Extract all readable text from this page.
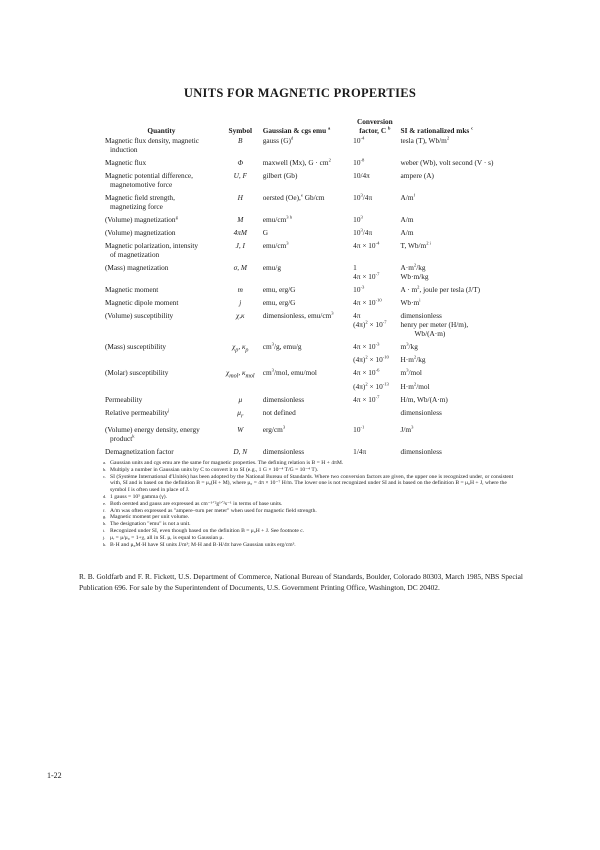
UNITS FOR MAGNETIC PROPERTIES
Quantity	Symbol	Gaussian & cgs emu $^a$	Conversion
factor, C $^b$	SI & rationalized mks $^c$
Magnetic flux density, magnetic
induction	B	gauss $(G)^d$	$10^{-4}$	tesla (T), $Wb/m^2$
Magnetic flux	Φ	maxwell (Mx), $G \cdot cm^2$	$10^{-8}$	weber (Wb), volt second (V · s)
Magnetic potential difference,
magnetomotive force	U, F	gilbert (Gb)	10/4π	ampere (A)
Magnetic field strength,
magnetizing force	H	oersted (Oe),$^e$ Gb/cm	$10^3/4\pi$	$A/m^f$
(Volume) magnetization$^g$	M	emu/$cm^{3 h}$	$10^3$	A/m
(Volume) magnetization	4πM	G	$10^3/4\pi$	A/m
Magnetic polarization, intensity
of magnetization	J, I	emu/$cm^3$	$4\pi \times 10^{-4}$	T, $Wb/m^{2 i}$
(Mass) magnetization	σ, M	emu/g	1	$A\cdot m^2/kg$
			$4\pi \times 10^{-7}$	Wb·m/kg
Magnetic moment	m	emu, erg/G	$10^{-3}$	$A \cdot m^2$, joule per tesla (J/T)
Magnetic dipole moment	j	emu, erg/G	$4\pi \times 10^{-10}$	$Wb\cdot m^i$
(Volume) susceptibility	χ,κ	dimensionless, emu/$cm^3$	4π	dimensionless
			$(4\pi)^2 \times 10^{-7}$	henry per meter (H/m),
Wb/(A·m)
(Mass) susceptibility	$\chi_\rho$, $\kappa_\rho$	$cm^3/g$, emu/g	$4\pi \times 10^{-3}$	$m^3/kg$
			$(4\pi)^2 \times 10^{-10}$	$H\cdot m^2/kg$
(Molar) susceptibility	$\chi_{mol}$, $\kappa_{mol}$	$cm^3$/mol, emu/mol	$4\pi \times 10^{-6}$	$m^3$/mol
			$(4\pi)^2 \times 10^{-13}$	$H\cdot m^2$/mol
Permeability	μ	dimensionless	$4\pi \times 10^{-7}$	H/m, Wb/(A·m)
Relative permeability$^j$	$\mu_r$	not defined		dimensionless
(Volume) energy density, energy
product$^k$	W	erg/$cm^3$	$10^{-1}$	$J/m^3$
Demagnetization factor	D, N	dimensionless	1/4π	dimensionless
a. Gaussian units and cgs emu are the same for magnetic properties. The defining relation is B = H + 4πM.
b. Multiply a number in Gaussian units by C to convert it to SI (e.g., 1 G × 10⁻⁴ T/G = 10⁻⁴ T).
c. SI (Système International d'Unités) has been adopted by the National Bureau of Standards. Where two conversion factors are given, the upper one is recognized under, or consistent with, SI and is based on the definition B = μ₀(H + M), where μ₀ = 4π × 10⁻⁷ H/m. The lower one is not recognized under SI and is based on the definition B = μ₀H + J, where the symbol I is often used in place of J.
d. 1 gauss = 10⁵ gamma (γ).
e. Both oersted and gauss are expressed as cm⁻¹ᐟ²g¹ᐟ²s⁻¹ in terms of base units.
f. A/m was often expressed as "ampere–turn per meter" when used for magnetic field strength.
g. Magnetic moment per unit volume.
h. The designation "emu" is not a unit.
i. Recognized under SI, even though based on the definition B = μ₀H + J. See footnote c.
j. μᵣ = μ/μ₀ = 1+χ, all in SI. μᵣ is equal to Gaussian μ.
k. B·H and μ₀M·H have SI units J/m³; M·H and B·H/4π have Gaussian units erg/cm³.
R. B. Goldfarb and F. R. Fickett, U.S. Department of Commerce, National Bureau of Standards, Boulder, Colorado 80303, March 1985, NBS Special Publication 696. For sale by the Superintendent of Documents, U.S. Government Printing Office, Washington, DC 20402.
1-22
